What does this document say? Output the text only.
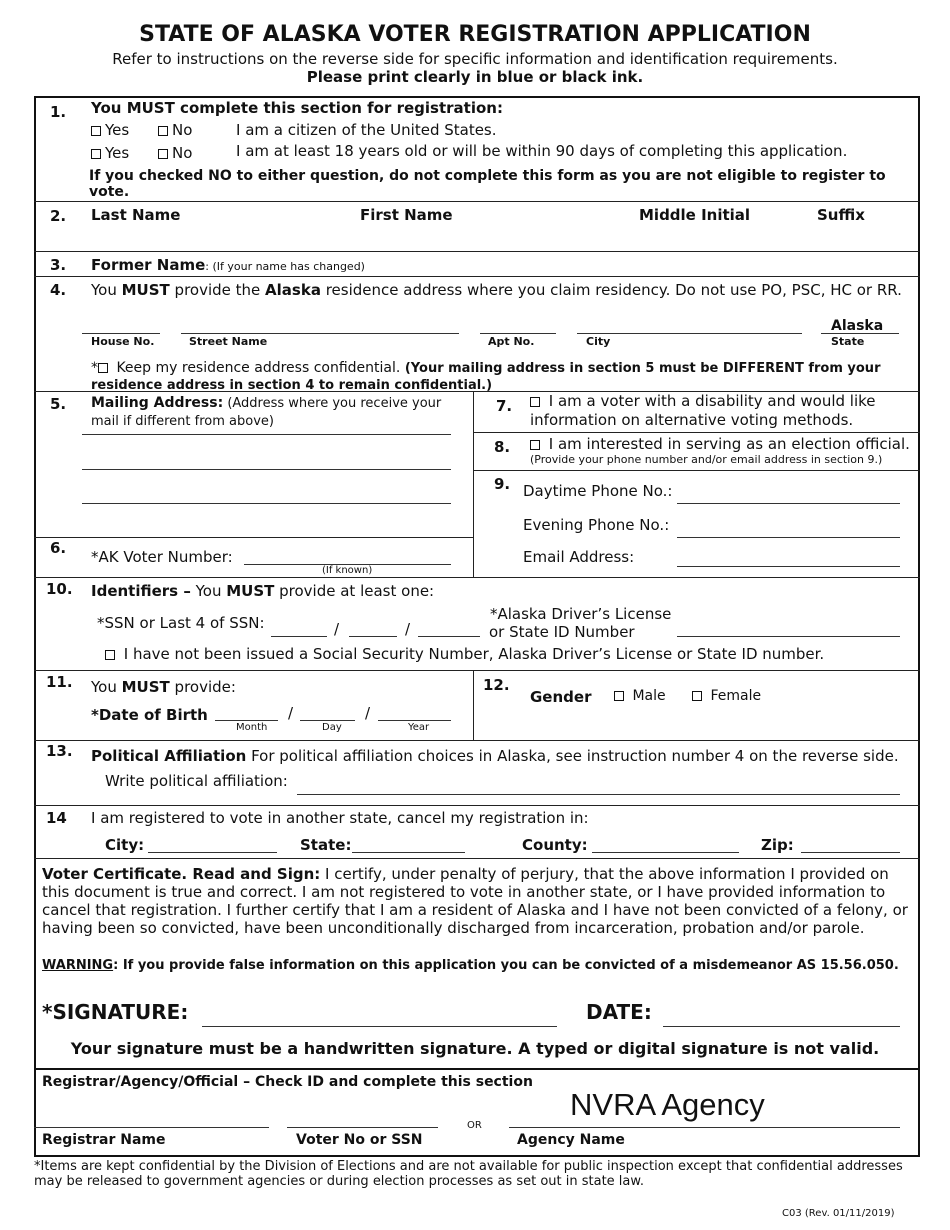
STATE OF ALASKA VOTER REGISTRATION APPLICATION
Refer to instructions on the reverse side for specific information and identification requirements.
Please print clearly in blue or black ink.
1. You MUST complete this section for registration:
Yes	No	I am a citizen of the United States.
Yes	No	I am at least 18 years old or will be within 90 days of completing this application.
If you checked NO to either question, do not complete this form as you are not eligible to register to vote.
2. Last Name	First Name	Middle Initial	Suffix
3. Former Name: (If your name has changed)
4. You MUST provide the Alaska residence address where you claim residency. Do not use PO, PSC, HC or RR.
Alaska
House No.	Street Name	Apt No.	City	State
* Keep my residence address confidential. (Your mailing address in section 5 must be DIFFERENT from your residence address in section 4 to remain confidential.)
5. Mailing Address: (Address where you receive your mail if different from above)
6. *AK Voter Number:
(If known)
7.	I am a voter with a disability and would like information on alternative voting methods.
8.	I am interested in serving as an election official.
(Provide your phone number and/or email address in section 9.)
9. Daytime Phone No.:
Evening Phone No.:
Email Address:
10. Identifiers – You MUST provide at least one:
*SSN or Last 4 of SSN:	/	/
*Alaska Driver’s License
or State ID Number
I have not been issued a Social Security Number, Alaska Driver’s License or State ID number.
11. You MUST provide:
*Date of Birth	/	/
Month	Day	Year
12.
Gender	Male	Female
13. Political Affiliation For political affiliation choices in Alaska, see instruction number 4 on the reverse side.
Write political affiliation:
14 I am registered to vote in another state, cancel my registration in:
City:	State:	County:	Zip:
Voter Certificate. Read and Sign: I certify, under penalty of perjury, that the above information I provided on this document is true and correct. I am not registered to vote in another state, or I have provided information to cancel that registration. I further certify that I am a resident of Alaska and I have not been convicted of a felony, or having been so convicted, have been unconditionally discharged from incarceration, probation and/or parole.
WARNING: If you provide false information on this application you can be convicted of a misdemeanor AS 15.56.050.
*SIGNATURE:	DATE:
Your signature must be a handwritten signature. A typed or digital signature is not valid.
Registrar/Agency/Official – Check ID and complete this section
NVRA Agency
OR
Registrar Name	Voter No or SSN	Agency Name
*Items are kept confidential by the Division of Elections and are not available for public inspection except that confidential addresses may be released to government agencies or during election processes as set out in state law.
C03 (Rev. 01/11/2019)
